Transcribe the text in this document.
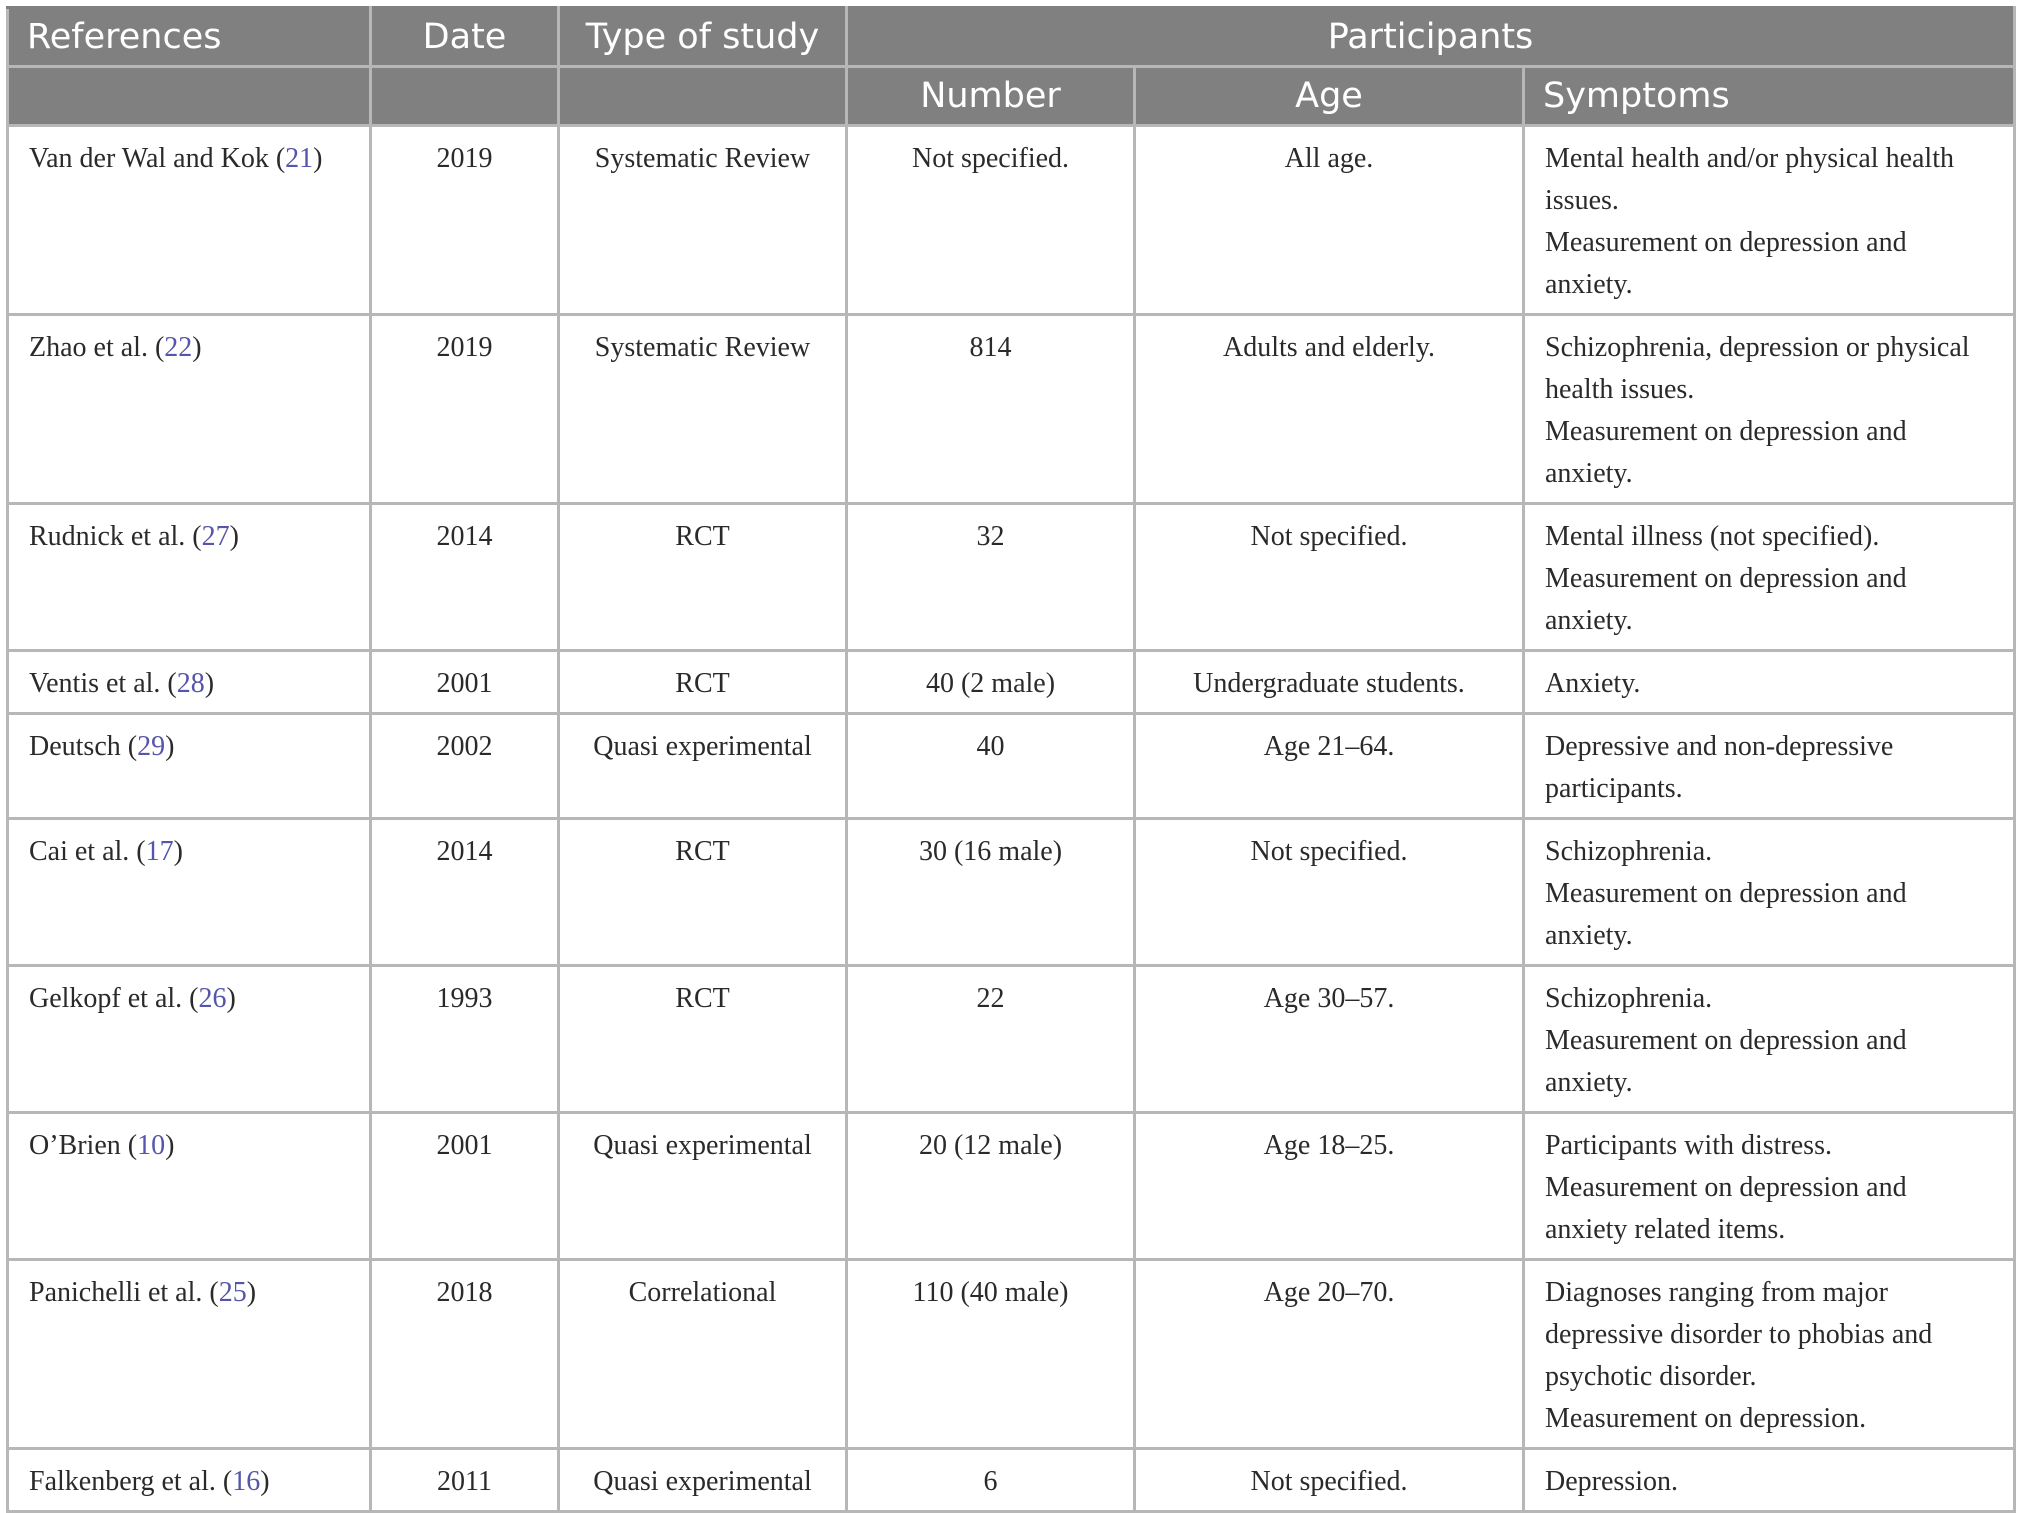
References	Date	Type of study	Participants		
			Number	Age	Symptoms
Van der Wal and Kok (21)	2019	Systematic Review	Not specified.	All age.	Mental health and/or physical health issues.
Measurement on depression and anxiety.

Zhao et al. (22)	2019	Systematic Review	814	Adults and elderly.	Schizophrenia, depression or physical health issues.
Measurement on depression and anxiety.

Rudnick et al. (27)	2014	RCT	32	Not specified.	Mental illness (not specified).
Measurement on depression and anxiety.

Ventis et al. (28)	2001	RCT	40 (2 male)	Undergraduate students.	Anxiety.

Deutsch (29)	2002	Quasi experimental	40	Age 21–64.	Depressive and non-depressive participants.

Cai et al. (17)	2014	RCT	30 (16 male)	Not specified.	Schizophrenia.
Measurement on depression and anxiety.

Gelkopf et al. (26)	1993	RCT	22	Age 30–57.	Schizophrenia.
Measurement on depression and anxiety.

O’Brien (10)	2001	Quasi experimental	20 (12 male)	Age 18–25.	Participants with distress.
Measurement on depression and anxiety related items.

Panichelli et al. (25)	2018	Correlational	110 (40 male)	Age 20–70.	Diagnoses ranging from major depressive disorder to phobias and psychotic disorder.
Measurement on depression.

Falkenberg et al. (16)	2011	Quasi experimental	6	Not specified.	Depression.
